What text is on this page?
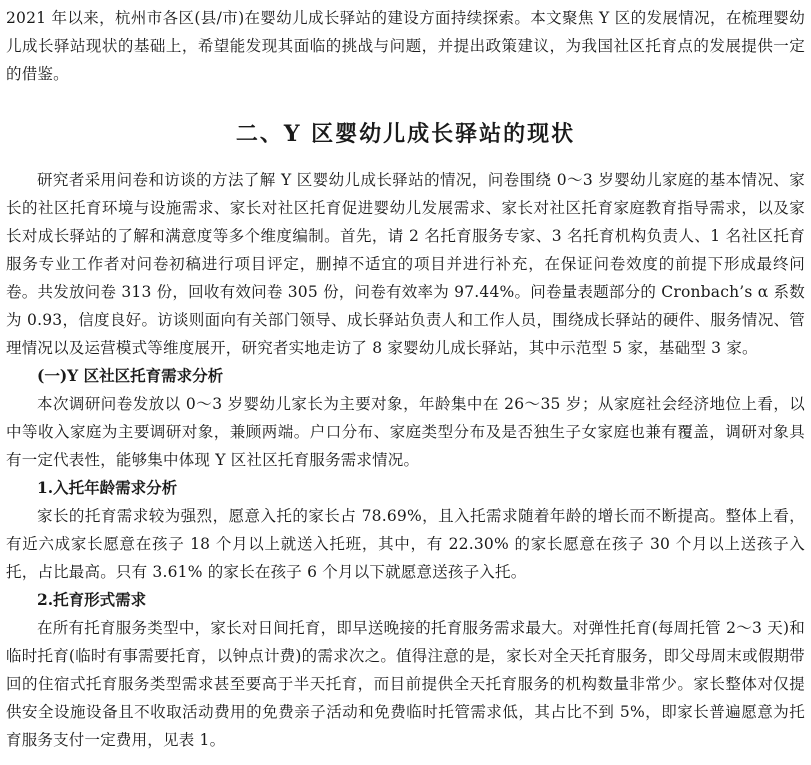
2021 年以来，杭州市各区(县/市)在婴幼儿成长驿站的建设方面持续探索。本文聚焦 Y 区的发展情况，在梳理婴幼儿成长驿站现状的基础上，希望能发现其面临的挑战与问题，并提出政策建议，为我国社区托育点的发展提供一定的借鉴。

二、Y 区婴幼儿成长驿站的现状

研究者采用问卷和访谈的方法了解 Y 区婴幼儿成长驿站的情况，问卷围绕 0～3 岁婴幼儿家庭的基本情况、家长的社区托育环境与设施需求、家长对社区托育促进婴幼儿发展需求、家长对社区托育家庭教育指导需求，以及家长对成长驿站的了解和满意度等多个维度编制。首先，请 2 名托育服务专家、3 名托育机构负责人、1 名社区托育服务专业工作者对问卷初稿进行项目评定，删掉不适宜的项目并进行补充，在保证问卷效度的前提下形成最终问卷。共发放问卷 313 份，回收有效问卷 305 份，问卷有效率为 97.44%。问卷量表题部分的 Cronbach’s α 系数为 0.93，信度良好。访谈则面向有关部门领导、成长驿站负责人和工作人员，围绕成长驿站的硬件、服务情况、管理情况以及运营模式等维度展开，研究者实地走访了 8 家婴幼儿成长驿站，其中示范型 5 家，基础型 3 家。

(一)Y 区社区托育需求分析

本次调研问卷发放以 0～3 岁婴幼儿家长为主要对象，年龄集中在 26～35 岁；从家庭社会经济地位上看，以中等收入家庭为主要调研对象，兼顾两端。户口分布、家庭类型分布及是否独生子女家庭也兼有覆盖，调研对象具有一定代表性，能够集中体现 Y 区社区托育服务需求情况。

1.入托年龄需求分析

家长的托育需求较为强烈，愿意入托的家长占 78.69%，且入托需求随着年龄的增长而不断提高。整体上看，有近六成家长愿意在孩子 18 个月以上就送入托班，其中，有 22.30% 的家长愿意在孩子 30 个月以上送孩子入托，占比最高。只有 3.61% 的家长在孩子 6 个月以下就愿意送孩子入托。

2.托育形式需求

在所有托育服务类型中，家长对日间托育，即早送晚接的托育服务需求最大。对弹性托育(每周托管 2～3 天)和临时托育(临时有事需要托育，以钟点计费)的需求次之。值得注意的是，家长对全天托育服务，即父母周末或假期带回的住宿式托育服务类型需求甚至要高于半天托育，而目前提供全天托育服务的机构数量非常少。家长整体对仅提供安全设施设备且不收取活动费用的免费亲子活动和免费临时托管需求低，其占比不到 5%，即家长普遍愿意为托育服务支付一定费用，见表 1。
